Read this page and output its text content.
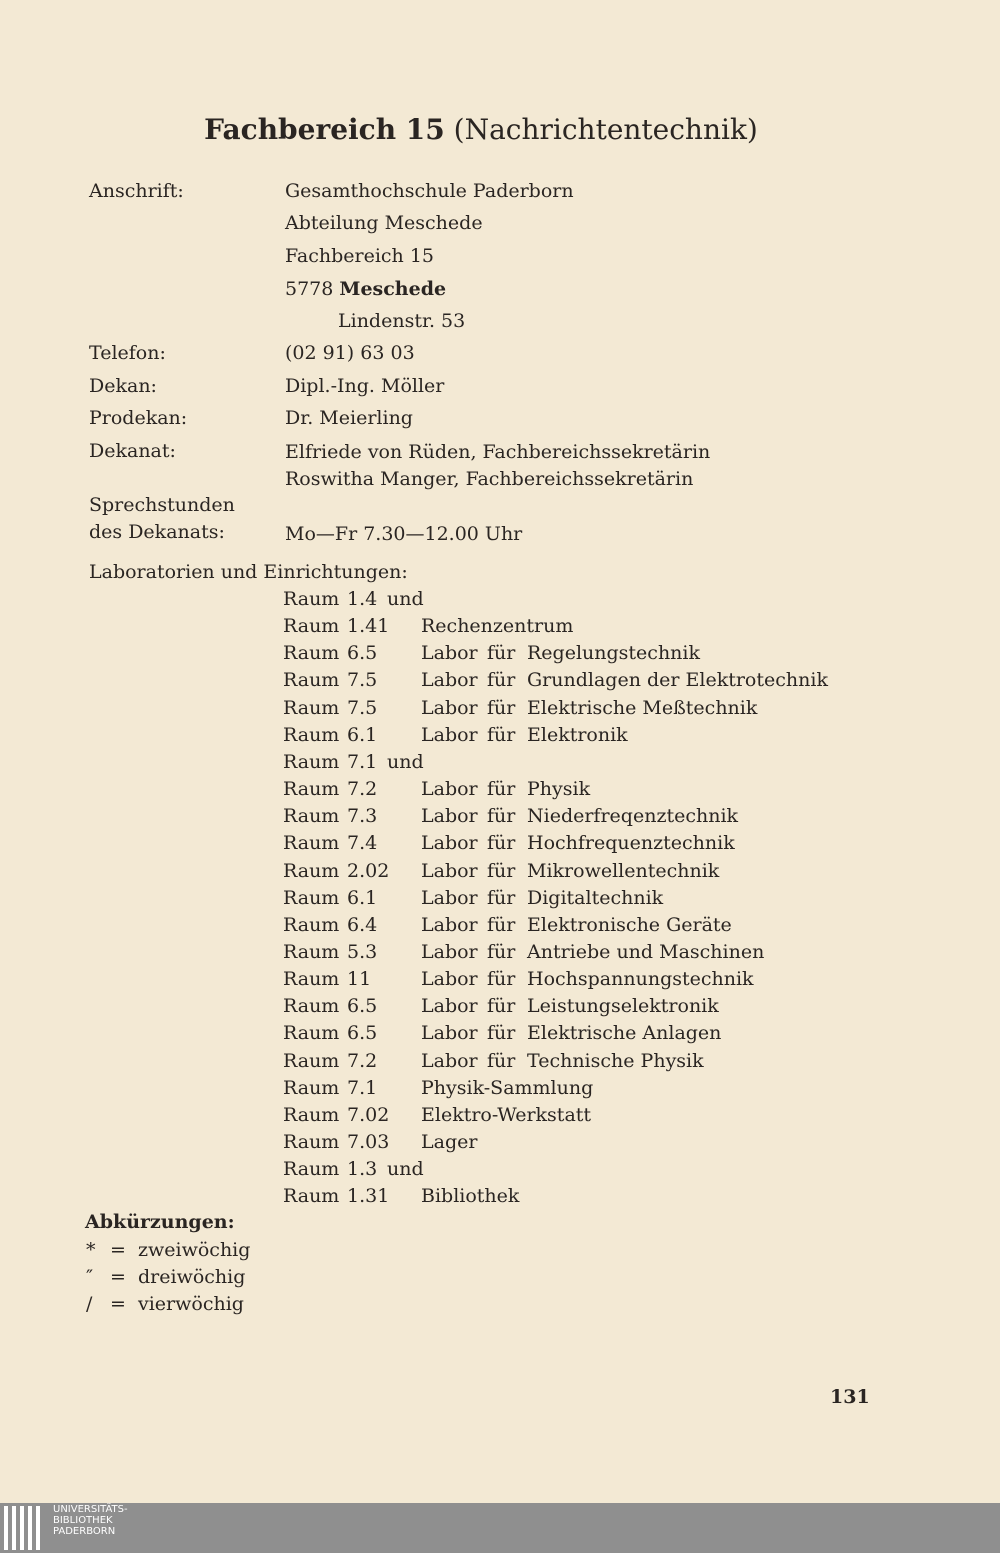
Fachbereich 15 (Nachrichtentechnik)
Anschrift:	Gesamthochschule Paderborn
Abteilung Meschede
Fachbereich 15
5778 Meschede
Lindenstr. 53
Telefon:	(02 91) 63 03
Dekan:	Dipl.-Ing. Möller
Prodekan:	Dr. Meierling
Dekanat:	Elfriede von Rüden, Fachbereichssekretärin
Roswitha Manger, Fachbereichssekretärin
Sprechstunden
des Dekanats:	Mo—Fr 7.30—12.00 Uhr
Laboratorien und Einrichtungen:
Raum 1.4 und
Raum 1.41 Rechenzentrum
Raum 6.5 Labor für Regelungstechnik
Raum 7.5 Labor für Grundlagen der Elektrotechnik
Raum 7.5 Labor für Elektrische Meßtechnik
Raum 6.1 Labor für Elektronik
Raum 7.1 und
Raum 7.2 Labor für Physik
Raum 7.3 Labor für Niederfreqenztechnik
Raum 7.4 Labor für Hochfrequenztechnik
Raum 2.02 Labor für Mikrowellentechnik
Raum 6.1 Labor für Digitaltechnik
Raum 6.4 Labor für Elektronische Geräte
Raum 5.3 Labor für Antriebe und Maschinen
Raum 11	Labor für Hochspannungstechnik
Raum 6.5 Labor für Leistungselektronik
Raum 6.5 Labor für Elektrische Anlagen
Raum 7.2 Labor für Technische Physik
Raum 7.1 Physik-Sammlung
Raum 7.02 Elektro-Werkstatt
Raum 7.03 Lager
Raum 1.3 und
Raum 1.31 Bibliothek
Abkürzungen:
* = zweiwöchig
″ = dreiwöchig
/ = vierwöchig
131
UNIVERSITÄTS-
BIBLIOTHEK
PADERBORN
